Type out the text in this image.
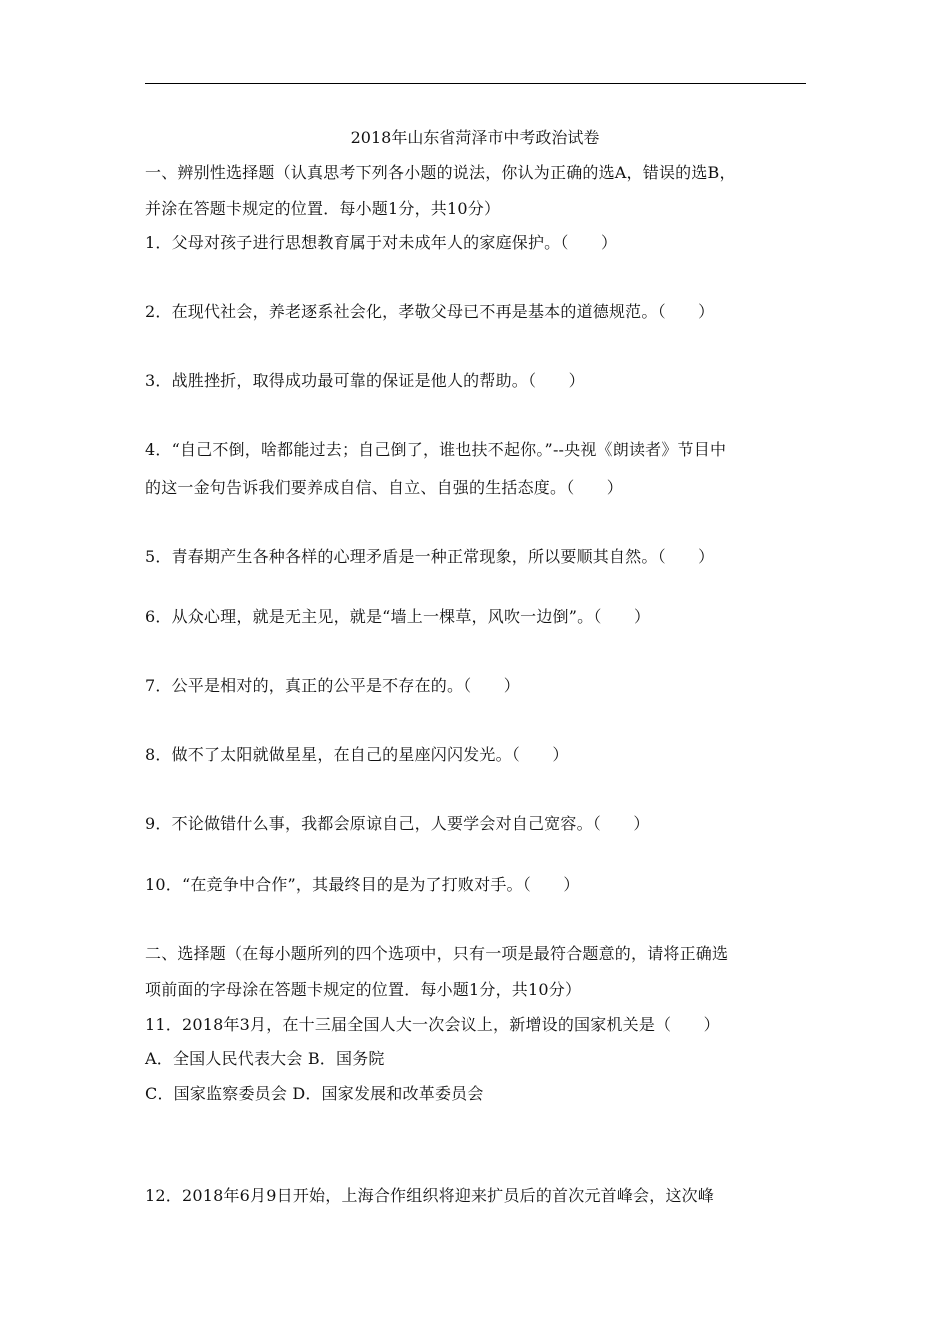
2018年山东省菏泽市中考政治试卷
一、辨别性选择题（认真思考下列各小题的说法，你认为正确的选A，错误的选B，
并涂在答题卡规定的位置．每小题1分，共10分）
1．父母对孩子进行思想教育属于对未成年人的家庭保护。（　　）
2．在现代社会，养老逐系社会化，孝敬父母已不再是基本的道德规范。（　　）
3．战胜挫折，取得成功最可靠的保证是他人的帮助。（　　）
4．“自己不倒，啥都能过去；自己倒了，谁也扶不起你。”--央视《朗读者》节目中
的这一金句告诉我们要养成自信、自立、自强的生括态度。（　　）
5．青春期产生各种各样的心理矛盾是一种正常现象，所以要顺其自然。（　　）
6．从众心理，就是无主见，就是“墙上一棵草，风吹一边倒”。（　　）
7．公平是相对的，真正的公平是不存在的。（　　）
8．做不了太阳就做星星，在自己的星座闪闪发光。（　　）
9．不论做错什么事，我都会原谅自己，人要学会对自己宽容。（　　）
10．“在竞争中合作”，其最终目的是为了打败对手。（　　）
二、选择题（在每小题所列的四个选项中，只有一项是最符合题意的，请将正确选
项前面的字母涂在答题卡规定的位置．每小题1分，共10分）
11．2018年3月，在十三届全国人大一次会议上，新增设的国家机关是（　　）
A．全国人民代表大会 B．国务院
C．国家监察委员会 D．国家发展和改革委员会
12．2018年6月9日开始，上海合作组织将迎来扩员后的首次元首峰会，这次峰
